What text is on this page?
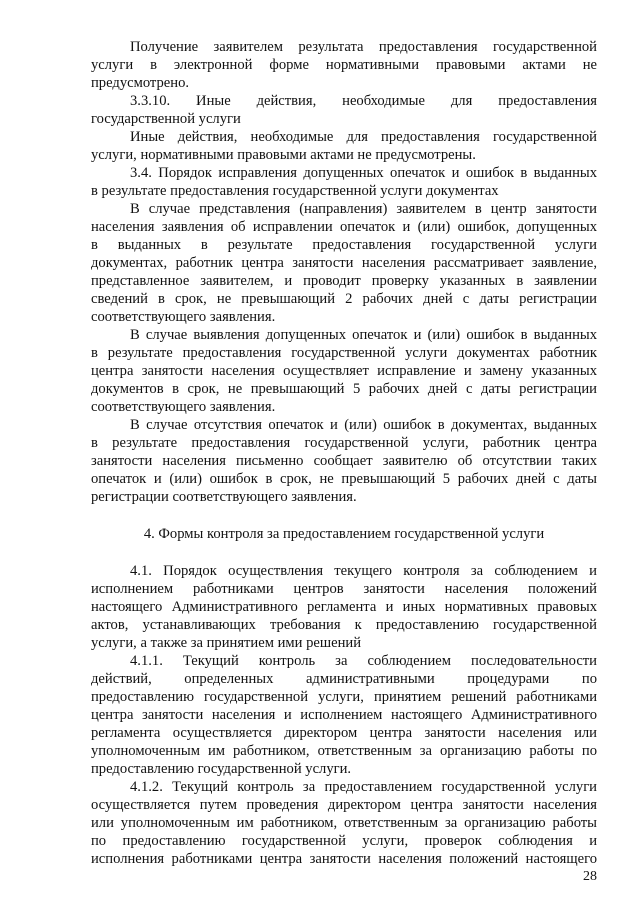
Получение заявителем результата предоставления государственной
услуги в электронной форме нормативными правовыми актами не
предусмотрено.
3.3.10. Иные действия, необходимые для предоставления
государственной услуги
Иные действия, необходимые для предоставления государственной
услуги, нормативными правовыми актами не предусмотрены.
3.4. Порядок исправления допущенных опечаток и ошибок в выданных
в результате предоставления государственной услуги документах
В случае представления (направления) заявителем в центр занятости
населения заявления об исправлении опечаток и (или) ошибок, допущенных
в выданных в результате предоставления государственной услуги
документах, работник центра занятости населения рассматривает заявление,
представленное заявителем, и проводит проверку указанных в заявлении
сведений в срок, не превышающий 2 рабочих дней с даты регистрации
соответствующего заявления.
В случае выявления допущенных опечаток и (или) ошибок в выданных
в результате предоставления государственной услуги документах работник
центра занятости населения осуществляет исправление и замену указанных
документов в срок, не превышающий 5 рабочих дней с даты регистрации
соответствующего заявления.
В случае отсутствия опечаток и (или) ошибок в документах, выданных
в результате предоставления государственной услуги, работник центра
занятости населения письменно сообщает заявителю об отсутствии таких
опечаток и (или) ошибок в срок, не превышающий 5 рабочих дней с даты
регистрации соответствующего заявления.
4. Формы контроля за предоставлением государственной услуги
4.1. Порядок осуществления текущего контроля за соблюдением и
исполнением работниками центров занятости населения положений
настоящего Административного регламента и иных нормативных правовых
актов, устанавливающих требования к предоставлению государственной
услуги, а также за принятием ими решений
4.1.1. Текущий контроль за соблюдением последовательности
действий, определенных административными процедурами по
предоставлению государственной услуги, принятием решений работниками
центра занятости населения и исполнением настоящего Административного
регламента осуществляется директором центра занятости населения или
уполномоченным им работником, ответственным за организацию работы по
предоставлению государственной услуги.
4.1.2. Текущий контроль за предоставлением государственной услуги
осуществляется путем проведения директором центра занятости населения
или уполномоченным им работником, ответственным за организацию работы
по предоставлению государственной услуги, проверок соблюдения и
исполнения работниками центра занятости населения положений настоящего
28
